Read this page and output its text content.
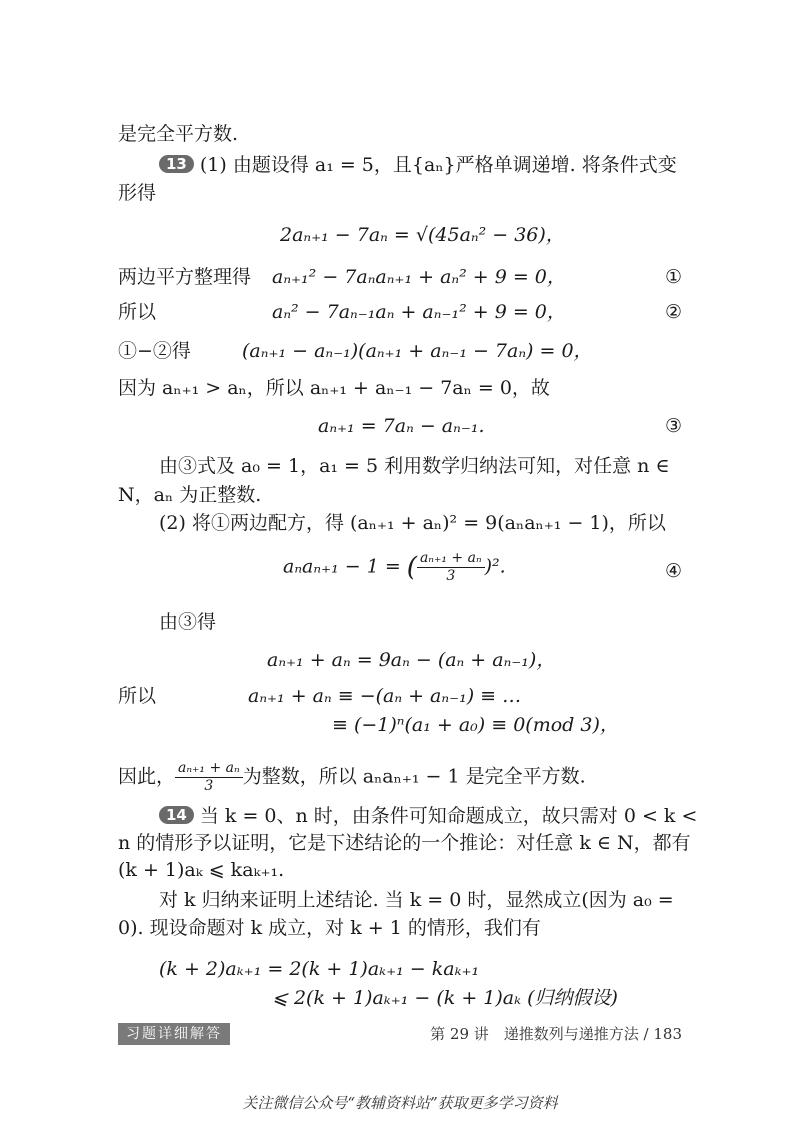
是完全平方数.
13 (1) 由题设得 a₁ = 5，且{aₙ}严格单调递增. 将条件式变
形得
2aₙ₊₁ − 7aₙ = √(45aₙ² − 36)，
两边平方整理得 aₙ₊₁² − 7aₙaₙ₊₁ + aₙ² + 9 = 0，	①
所以	aₙ² − 7aₙ₋₁aₙ + aₙ₋₁² + 9 = 0，	②
①−②得	(aₙ₊₁ − aₙ₋₁)(aₙ₊₁ + aₙ₋₁ − 7aₙ) = 0，
因为 aₙ₊₁ > aₙ，所以 aₙ₊₁ + aₙ₋₁ − 7aₙ = 0，故
aₙ₊₁ = 7aₙ − aₙ₋₁.	③
由③式及 a₀ = 1，a₁ = 5 利用数学归纳法可知，对任意 n ∈
N，aₙ 为正整数.
(2) 将①两边配方，得 (aₙ₊₁ + aₙ)² = 9(aₙaₙ₊₁ − 1)，所以
aₙaₙ₊₁ − 1 = ( $\frac{\text{aₙ₊₁ + aₙ}}{3} )^2$.	④
由③得
aₙ₊₁ + aₙ = 9aₙ − (aₙ + aₙ₋₁)，
所以	aₙ₊₁ + aₙ ≡ −(aₙ + aₙ₋₁) ≡ …
≡ (−1)ⁿ(a₁ + a₀) ≡ 0(mod 3)，
因此， $\frac{\text{aₙ₊₁ + aₙ}}{3}$ 为整数，所以 aₙaₙ₊₁ − 1 是完全平方数.
14 当 k = 0、n 时，由条件可知命题成立，故只需对 0 < k <
n 的情形予以证明，它是下述结论的一个推论：对任意 k ∈ N，都有
(k + 1)aₖ ⩽ kaₖ₊₁.
对 k 归纳来证明上述结论. 当 k = 0 时，显然成立(因为 a₀ =
0). 现设命题对 k 成立，对 k + 1 的情形，我们有
(k + 2)aₖ₊₁ = 2(k + 1)aₖ₊₁ − kaₖ₊₁
⩽ 2(k + 1)aₖ₊₁ − (k + 1)aₖ (归纳假设)
习题详细解答	第 29 讲　递推数列与递推方法 / 183
关注微信公众号“教辅资料站”获取更多学习资料
